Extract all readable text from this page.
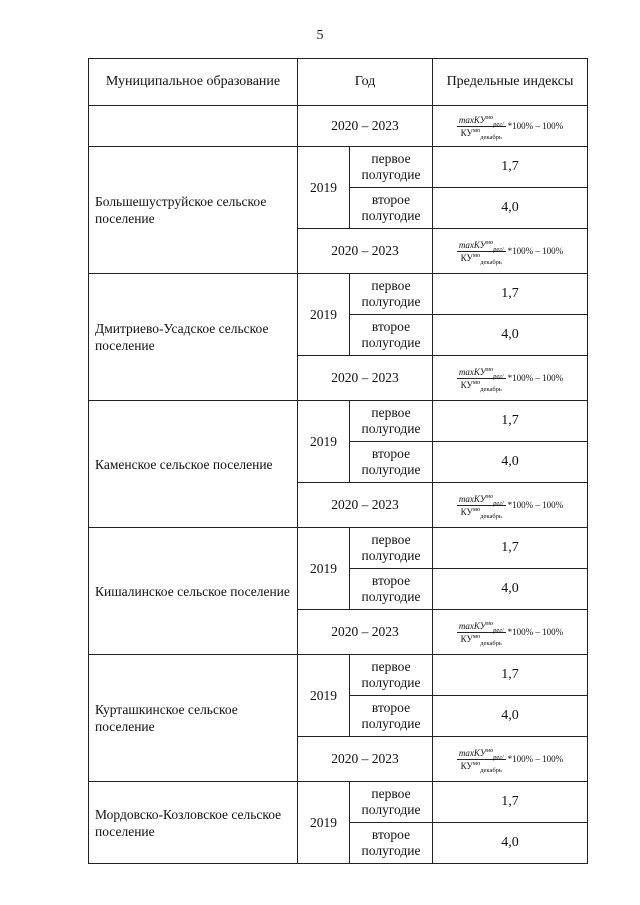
5
Муниципальное образование	Год		Предельные индексы
	2020 – 2023		$\frac{\max КУ^{мо}_{рег/}}{КУ^{мо}_{декабрь}} *100\% - 100\%$

Большешуструйское сельское поселение	2019	первое полугодие	1,7
		второе полугодие	4,0
	2020 – 2023		$\frac{\max КУ^{мо}_{рег/}}{КУ^{мо}_{декабрь}} *100\% - 100\%$

Дмитриево-Усадское сельское поселение	2019	первое полугодие	1,7
		второе полугодие	4,0
	2020 – 2023		$\frac{\max КУ^{мо}_{рег/}}{КУ^{мо}_{декабрь}} *100\% - 100\%$

Каменское сельское поселение	2019	первое полугодие	1,7
		второе полугодие	4,0
	2020 – 2023		$\frac{\max КУ^{мо}_{рег/}}{КУ^{мо}_{декабрь}} *100\% - 100\%$

Кишалинское сельское поселение	2019	первое полугодие	1,7
		второе полугодие	4,0
	2020 – 2023		$\frac{\max КУ^{мо}_{рег/}}{КУ^{мо}_{декабрь}} *100\% - 100\%$

Курташкинское сельское поселение	2019	первое полугодие	1,7
		второе полугодие	4,0
	2020 – 2023		$\frac{\max КУ^{мо}_{рег/}}{КУ^{мо}_{декабрь}} *100\% - 100\%$

Мордовско-Козловское сельское поселение	2019	первое полугодие	1,7
		второе полугодие	4,0
